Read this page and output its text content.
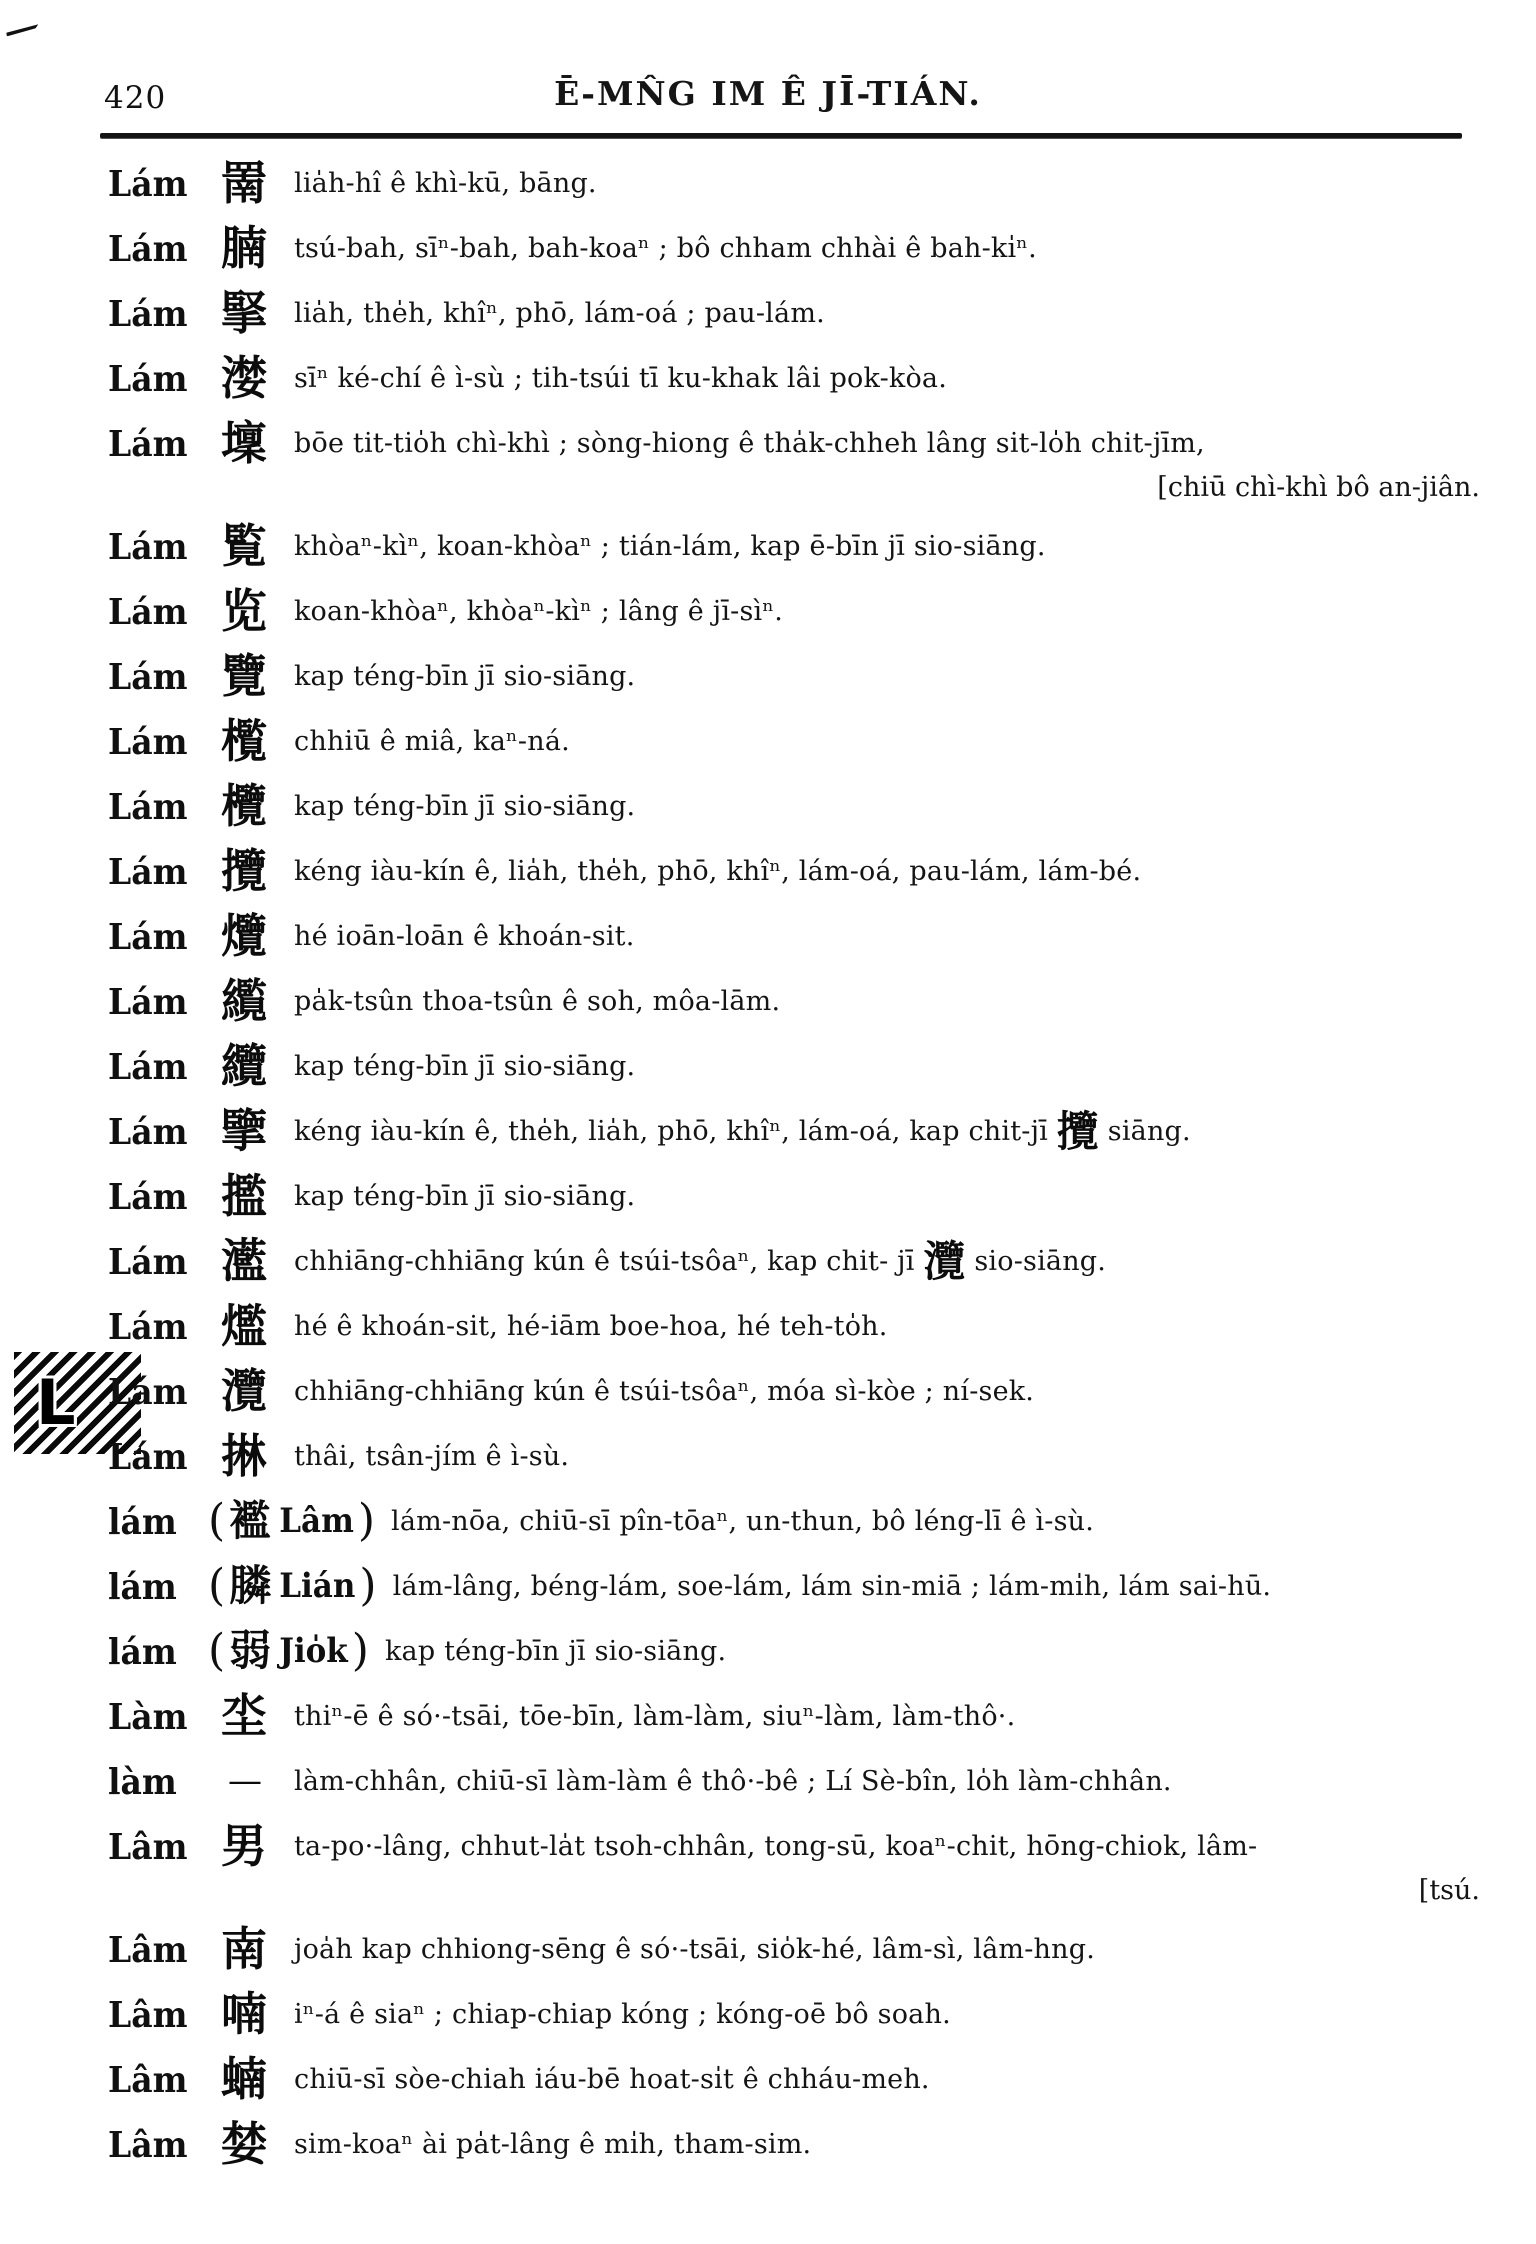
420	Ē-MN̂G IM Ê JĪ-TIÁN.
L
Lám 罱	lia̍h-hî ê khì-kū, bāng.
Lám 腩	tsú-bah, sīⁿ-bah, bah-koaⁿ ; bô chham chhài ê bah-ki̍ⁿ.
Lám 掔	lia̍h, the̍h, khîⁿ, phō, lám-oá ; pau-lám.
Lám 漤	sīⁿ ké-chí ê ì-sù ; tih-tsúi tī ku-khak lâi pok-kòa.
Lám 壈	bōe tit-tio̍h chì-khì ; sòng-hiong ê tha̍k-chheh lâng sit-lo̍h chit-jīm,
[chiū chì-khì bô an-jiân.
Lám 覧	khòaⁿ-kìⁿ, koan-khòaⁿ ; tián-lám, kap ē-bīn jī sio-siāng.
Lám 览	koan-khòaⁿ, khòaⁿ-kìⁿ ; lâng ê jī-sìⁿ.
Lám 覽	kap téng-bīn jī sio-siāng.
Lám 㰖	chhiū ê miâ, kaⁿ-ná.
Lám 欖	kap téng-bīn jī sio-siāng.
Lám 攬	kéng iàu-kín ê, lia̍h, the̍h, phō, khîⁿ, lám-oá, pau-lám, lám-bé.
Lám 爦	hé ioān-loān ê khoán-sit.
Lám 䌫	pa̍k-tsûn thoa-tsûn ê soh, môa-lām.
Lám 纜	kap téng-bīn jī sio-siāng.
Lám 擥	kéng iàu-kín ê, the̍h, lia̍h, phō, khîⁿ, lám-oá, kap chit-jī 攬 siāng.
Lám 㩜	kap téng-bīn jī sio-siāng.
Lám 灆	chhiāng-chhiāng kún ê tsúi-tsôaⁿ, kap chit- jī 灠 sio-siāng.
Lám 爁	hé ê khoán-sit, hé-iām boe-hoa, hé teh-to̍h.
Lám 灠	chhiāng-chhiāng kún ê tsúi-tsôaⁿ, móa sì-kòe ; ní-sek.
Lám 㨆	thâi, tsân-jím ê ì-sù.
lám ( 襤 Lâm ) lám-nōa, chiū-sī pîn-tōaⁿ, un-thun, bô léng-lī ê ì-sù.
lám ( 膦 Lián ) lám-lâng, béng-lám, soe-lám, lám sin-miā ; lám-mi̍h, lám sai-hū.
lám ( 弱 Jio̍k ) kap téng-bīn jī sio-siāng.
Làm 坔	thiⁿ-ē ê só·-tsāi, tōe-bīn, làm-làm, siuⁿ-làm, làm-thô·.
làm	—	làm-chhân, chiū-sī làm-làm ê thô·-bê ; Lí Sè-bîn, lo̍h làm-chhân.
Lâm 男	ta-po·-lâng, chhut-la̍t tsoh-chhân, tong-sū, koaⁿ-chit, hōng-chiok, lâm-
[tsú.
Lâm 南	joa̍h kap chhiong-sēng ê só·-tsāi, sio̍k-hé, lâm-sì, lâm-hng.
Lâm 喃	iⁿ-á ê siaⁿ ; chiap-chiap kóng ; kóng-oē bô soah.
Lâm 蝻	chiū-sī sòe-chiah iáu-bē hoat-si̍t ê chháu-meh.
Lâm 婪	sim-koaⁿ ài pa̍t-lâng ê mi̍h, tham-sim.
